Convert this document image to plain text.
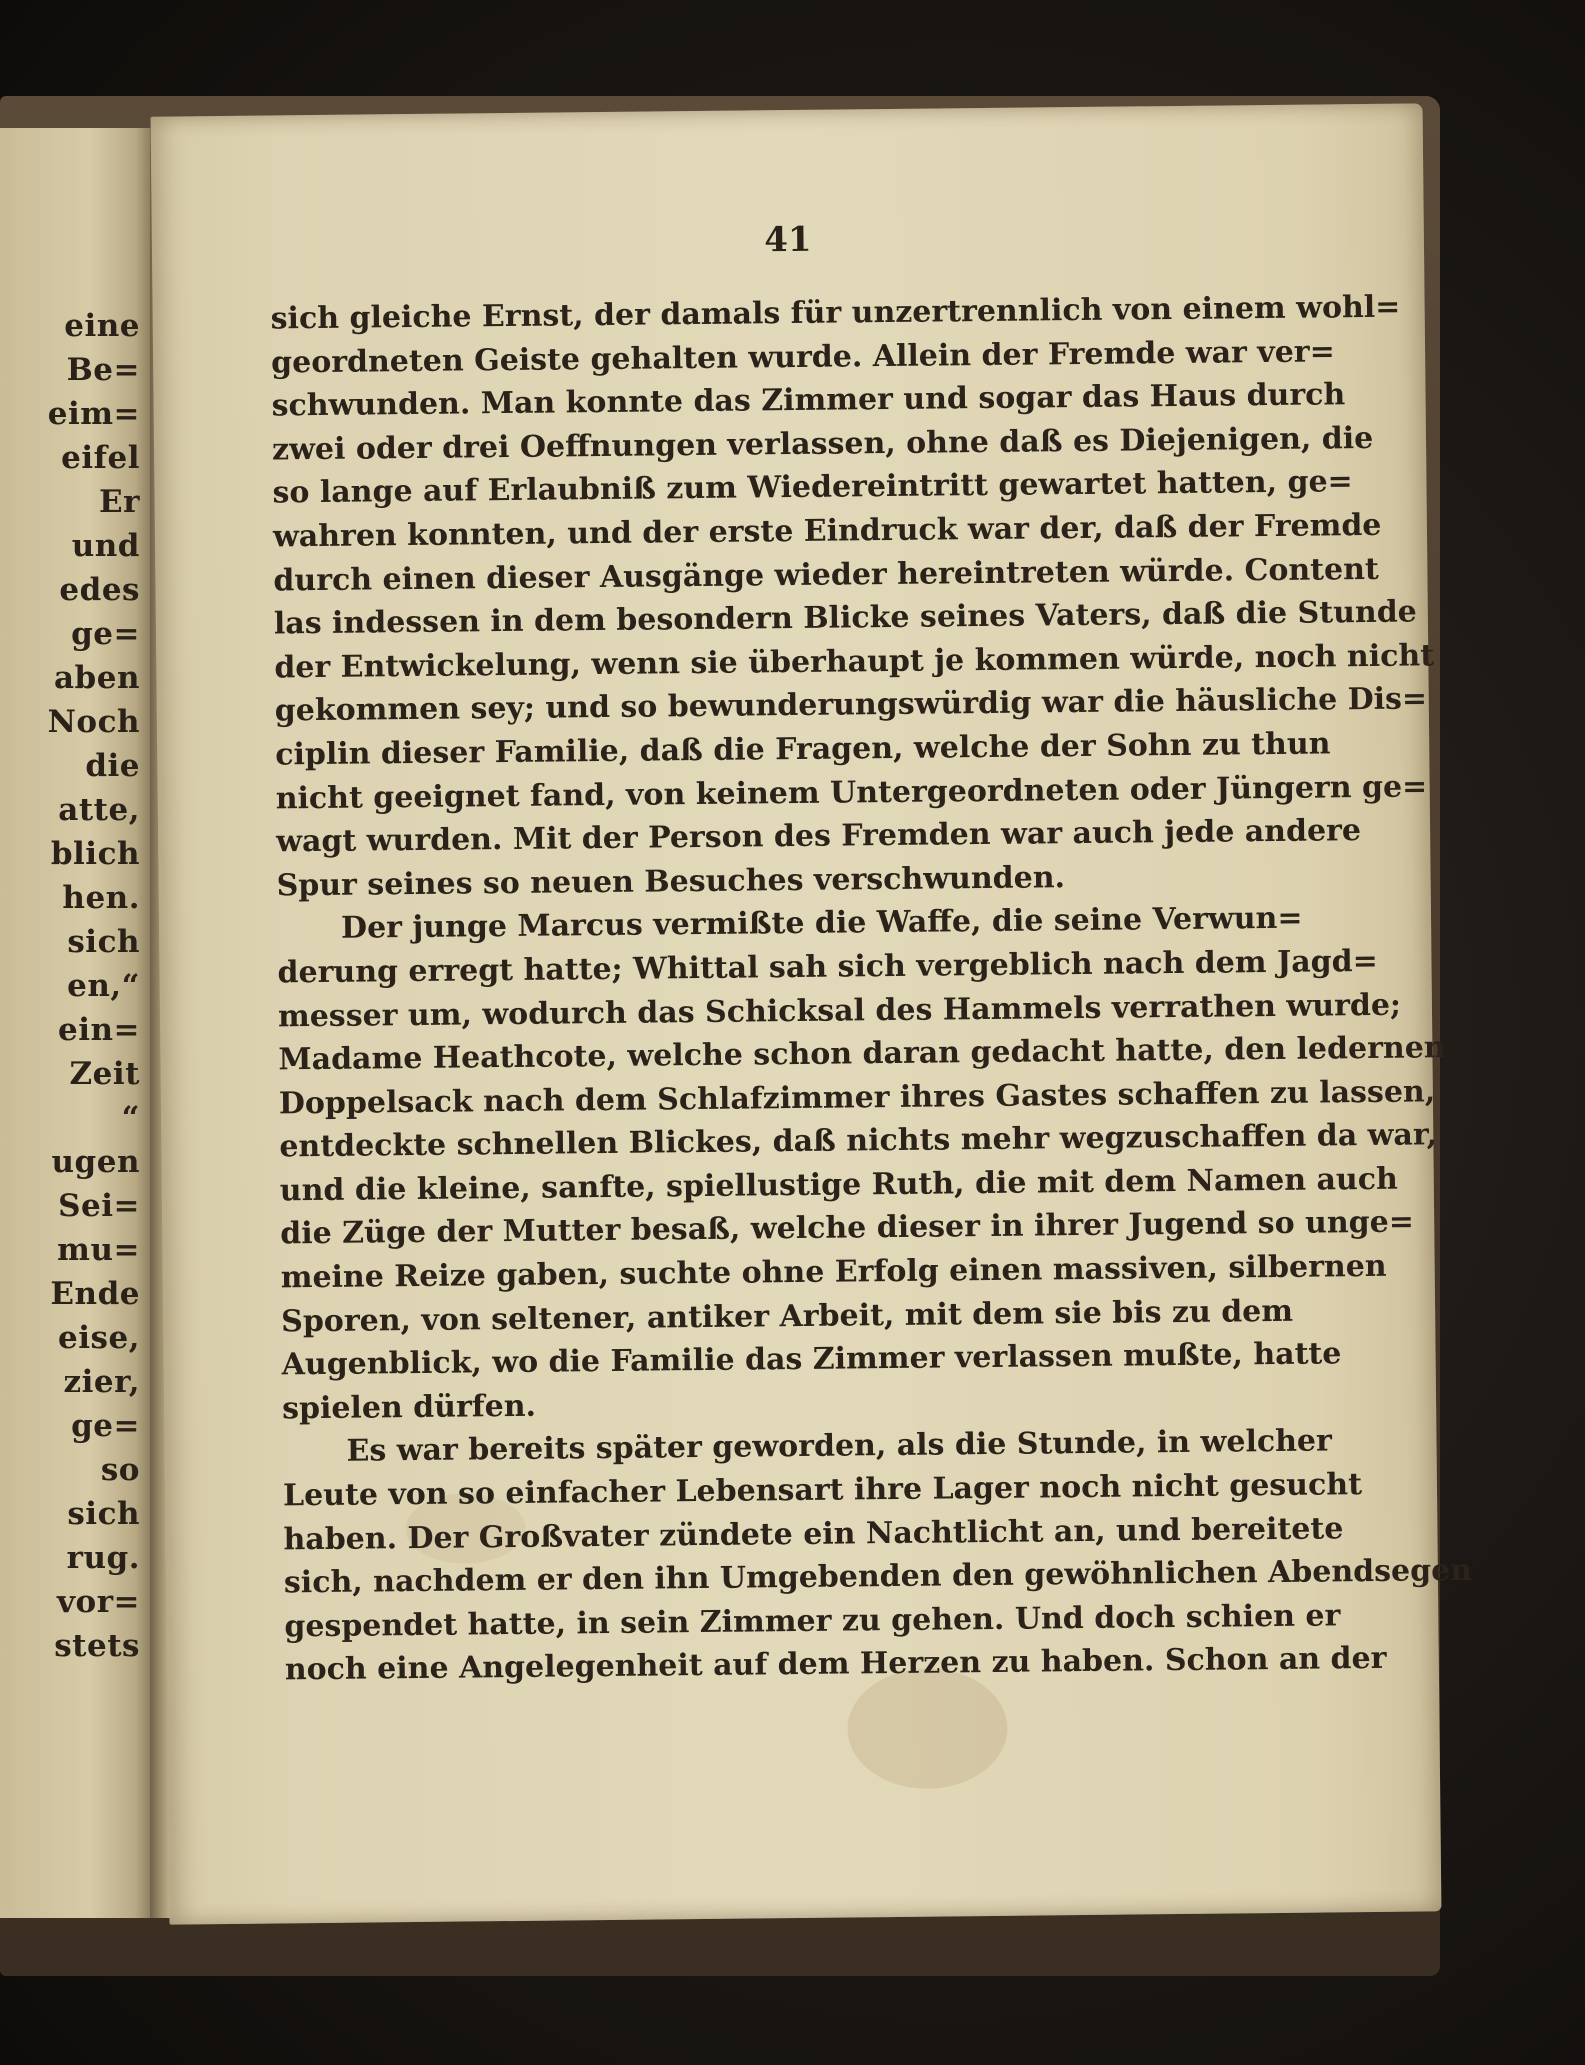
eine
Be=
eim=
eifel
Er
und
edes
ge=
aben
Noch
die
atte,
blich
hen.
sich
en,“
ein=
Zeit
“
ugen
Sei=
mu=
Ende
eise,
zier,
ge=
so
sich
rug.
vor=
stets
41
sich gleiche Ernst, der damals für unzertrennlich von einem wohl=
geordneten Geiste gehalten wurde. Allein der Fremde war ver=
schwunden. Man konnte das Zimmer und sogar das Haus durch
zwei oder drei Oeffnungen verlassen, ohne daß es Diejenigen, die
so lange auf Erlaubniß zum Wiedereintritt gewartet hatten, ge=
wahren konnten, und der erste Eindruck war der, daß der Fremde
durch einen dieser Ausgänge wieder hereintreten würde. Content
las indessen in dem besondern Blicke seines Vaters, daß die Stunde
der Entwickelung, wenn sie überhaupt je kommen würde, noch nicht
gekommen sey; und so bewunderungswürdig war die häusliche Dis=
ciplin dieser Familie, daß die Fragen, welche der Sohn zu thun
nicht geeignet fand, von keinem Untergeordneten oder Jüngern ge=
wagt wurden. Mit der Person des Fremden war auch jede andere
Spur seines so neuen Besuches verschwunden.
Der junge Marcus vermißte die Waffe, die seine Verwun=
derung erregt hatte; Whittal sah sich vergeblich nach dem Jagd=
messer um, wodurch das Schicksal des Hammels verrathen wurde;
Madame Heathcote, welche schon daran gedacht hatte, den ledernen
Doppelsack nach dem Schlafzimmer ihres Gastes schaffen zu lassen,
entdeckte schnellen Blickes, daß nichts mehr wegzuschaffen da war,
und die kleine, sanfte, spiellustige Ruth, die mit dem Namen auch
die Züge der Mutter besaß, welche dieser in ihrer Jugend so unge=
meine Reize gaben, suchte ohne Erfolg einen massiven, silbernen
Sporen, von seltener, antiker Arbeit, mit dem sie bis zu dem
Augenblick, wo die Familie das Zimmer verlassen mußte, hatte
spielen dürfen.
Es war bereits später geworden, als die Stunde, in welcher
Leute von so einfacher Lebensart ihre Lager noch nicht gesucht
haben. Der Großvater zündete ein Nachtlicht an, und bereitete
sich, nachdem er den ihn Umgebenden den gewöhnlichen Abendsegen
gespendet hatte, in sein Zimmer zu gehen. Und doch schien er
noch eine Angelegenheit auf dem Herzen zu haben. Schon an der
